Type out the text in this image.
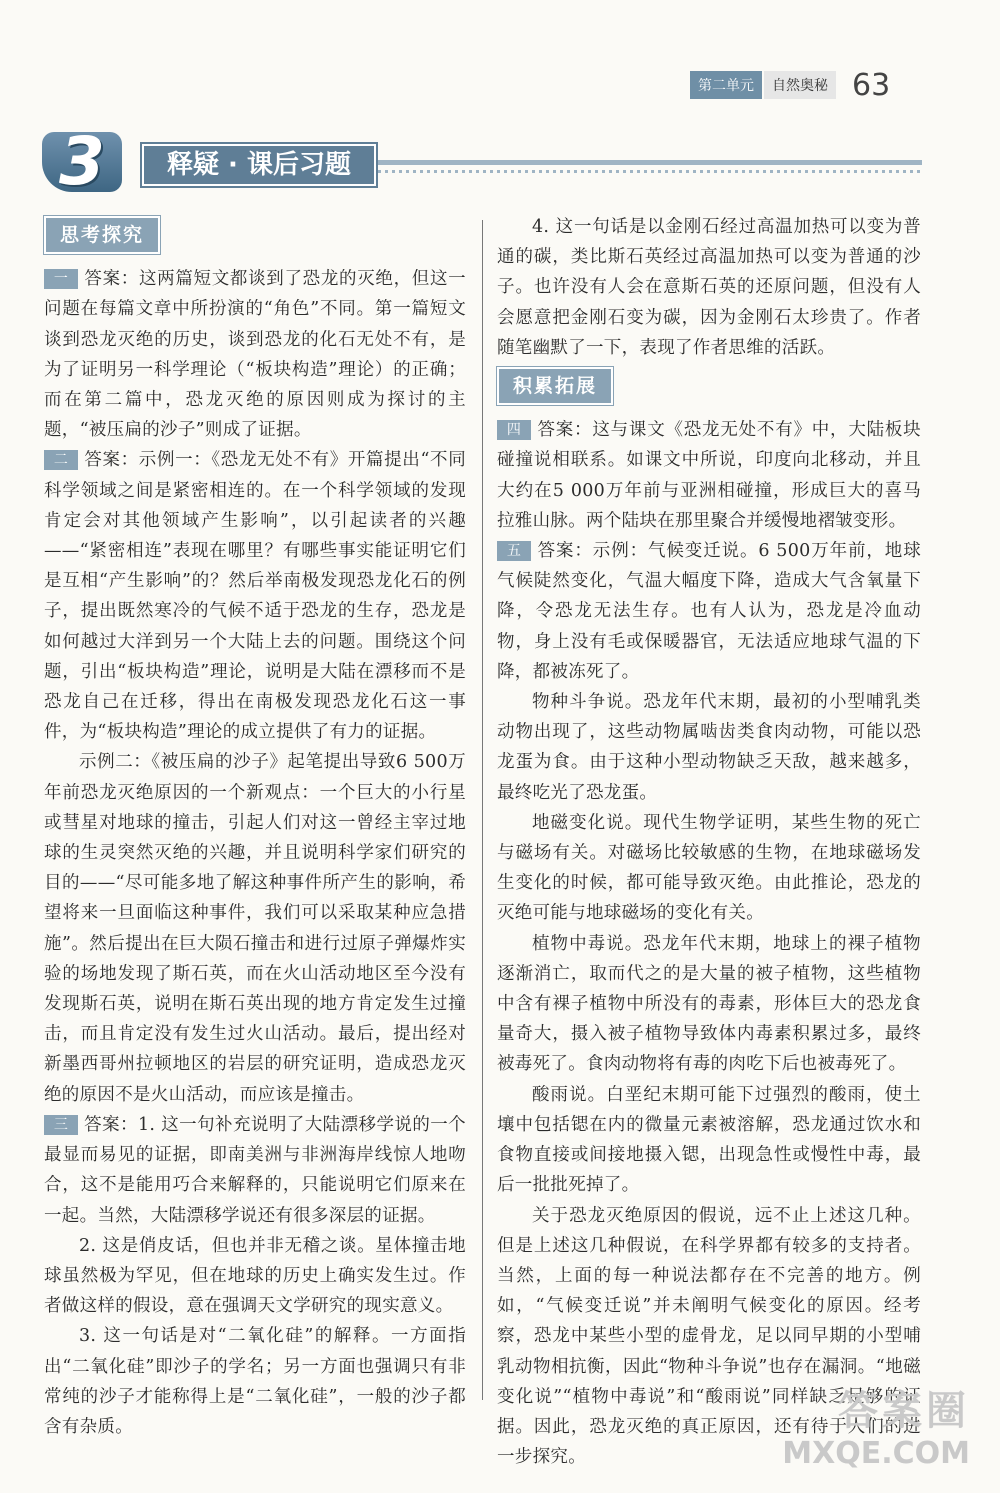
第二单元	自然奥秘 63
3	释疑 · 课后习题
思考探究

一 答案：这两篇短文都谈到了恐龙的灭绝，但这一问题在每篇文章中所扮演的“角色”不同。第一篇短文谈到恐龙灭绝的历史，谈到恐龙的化石无处不有，是为了证明另一科学理论（“板块构造”理论）的正确；而在第二篇中，恐龙灭绝的原因则成为探讨的主题，“被压扁的沙子”则成了证据。

二 答案：示例一：《恐龙无处不有》开篇提出“不同科学领域之间是紧密相连的。在一个科学领域的发现肯定会对其他领域产生影响”，以引起读者的兴趣——“紧密相连”表现在哪里？有哪些事实能证明它们是互相“产生影响”的？然后举南极发现恐龙化石的例子，提出既然寒冷的气候不适于恐龙的生存，恐龙是如何越过大洋到另一个大陆上去的问题。围绕这个问题，引出“板块构造”理论，说明是大陆在漂移而不是恐龙自己在迁移，得出在南极发现恐龙化石这一事件，为“板块构造”理论的成立提供了有力的证据。

示例二：《被压扁的沙子》起笔提出导致6 500万年前恐龙灭绝原因的一个新观点：一个巨大的小行星或彗星对地球的撞击，引起人们对这一曾经主宰过地球的生灵突然灭绝的兴趣，并且说明科学家们研究的目的——“尽可能多地了解这种事件所产生的影响，希望将来一旦面临这种事件，我们可以采取某种应急措施”。然后提出在巨大陨石撞击和进行过原子弹爆炸实验的场地发现了斯石英，而在火山活动地区至今没有发现斯石英，说明在斯石英出现的地方肯定发生过撞击，而且肯定没有发生过火山活动。最后，提出经对新墨西哥州拉顿地区的岩层的研究证明，造成恐龙灭绝的原因不是火山活动，而应该是撞击。

三 答案：1. 这一句补充说明了大陆漂移学说的一个最显而易见的证据，即南美洲与非洲海岸线惊人地吻合，这不是能用巧合来解释的，只能说明它们原来在一起。当然，大陆漂移学说还有很多深层的证据。

2. 这是俏皮话，但也并非无稽之谈。星体撞击地球虽然极为罕见，但在地球的历史上确实发生过。作者做这样的假设，意在强调天文学研究的现实意义。

3. 这一句话是对“二氧化硅”的解释。一方面指出“二氧化硅”即沙子的学名；另一方面也强调只有非常纯的沙子才能称得上是“二氧化硅”，一般的沙子都含有杂质。

4. 这一句话是以金刚石经过高温加热可以变为普通的碳，类比斯石英经过高温加热可以变为普通的沙子。也许没有人会在意斯石英的还原问题，但没有人会愿意把金刚石变为碳，因为金刚石太珍贵了。作者随笔幽默了一下，表现了作者思维的活跃。

积累拓展

四 答案：这与课文《恐龙无处不有》中，大陆板块碰撞说相联系。如课文中所说，印度向北移动，并且大约在5 000万年前与亚洲相碰撞，形成巨大的喜马拉雅山脉。两个陆块在那里聚合并缓慢地褶皱变形。

五 答案：示例：气候变迁说。6 500万年前，地球气候陡然变化，气温大幅度下降，造成大气含氧量下降，令恐龙无法生存。也有人认为，恐龙是冷血动物，身上没有毛或保暖器官，无法适应地球气温的下降，都被冻死了。

物种斗争说。恐龙年代末期，最初的小型哺乳类动物出现了，这些动物属啮齿类食肉动物，可能以恐龙蛋为食。由于这种小型动物缺乏天敌，越来越多，最终吃光了恐龙蛋。

地磁变化说。现代生物学证明，某些生物的死亡与磁场有关。对磁场比较敏感的生物，在地球磁场发生变化的时候，都可能导致灭绝。由此推论，恐龙的灭绝可能与地球磁场的变化有关。

植物中毒说。恐龙年代末期，地球上的裸子植物逐渐消亡，取而代之的是大量的被子植物，这些植物中含有裸子植物中所没有的毒素，形体巨大的恐龙食量奇大，摄入被子植物导致体内毒素积累过多，最终被毒死了。食肉动物将有毒的肉吃下后也被毒死了。

酸雨说。白垩纪末期可能下过强烈的酸雨，使土壤中包括锶在内的微量元素被溶解，恐龙通过饮水和食物直接或间接地摄入锶，出现急性或慢性中毒，最后一批批死掉了。

关于恐龙灭绝原因的假说，远不止上述这几种。但是上述这几种假说，在科学界都有较多的支持者。当然，上面的每一种说法都存在不完善的地方。例如，“气候变迁说”并未阐明气候变化的原因。经考察，恐龙中某些小型的虚骨龙，足以同早期的小型哺乳动物相抗衡，因此“物种斗争说”也存在漏洞。“地磁变化说”“植物中毒说”和“酸雨说”同样缺乏足够的证据。因此，恐龙灭绝的真正原因，还有待于人们的进一步探究。

答案圈
MXQE.COM
